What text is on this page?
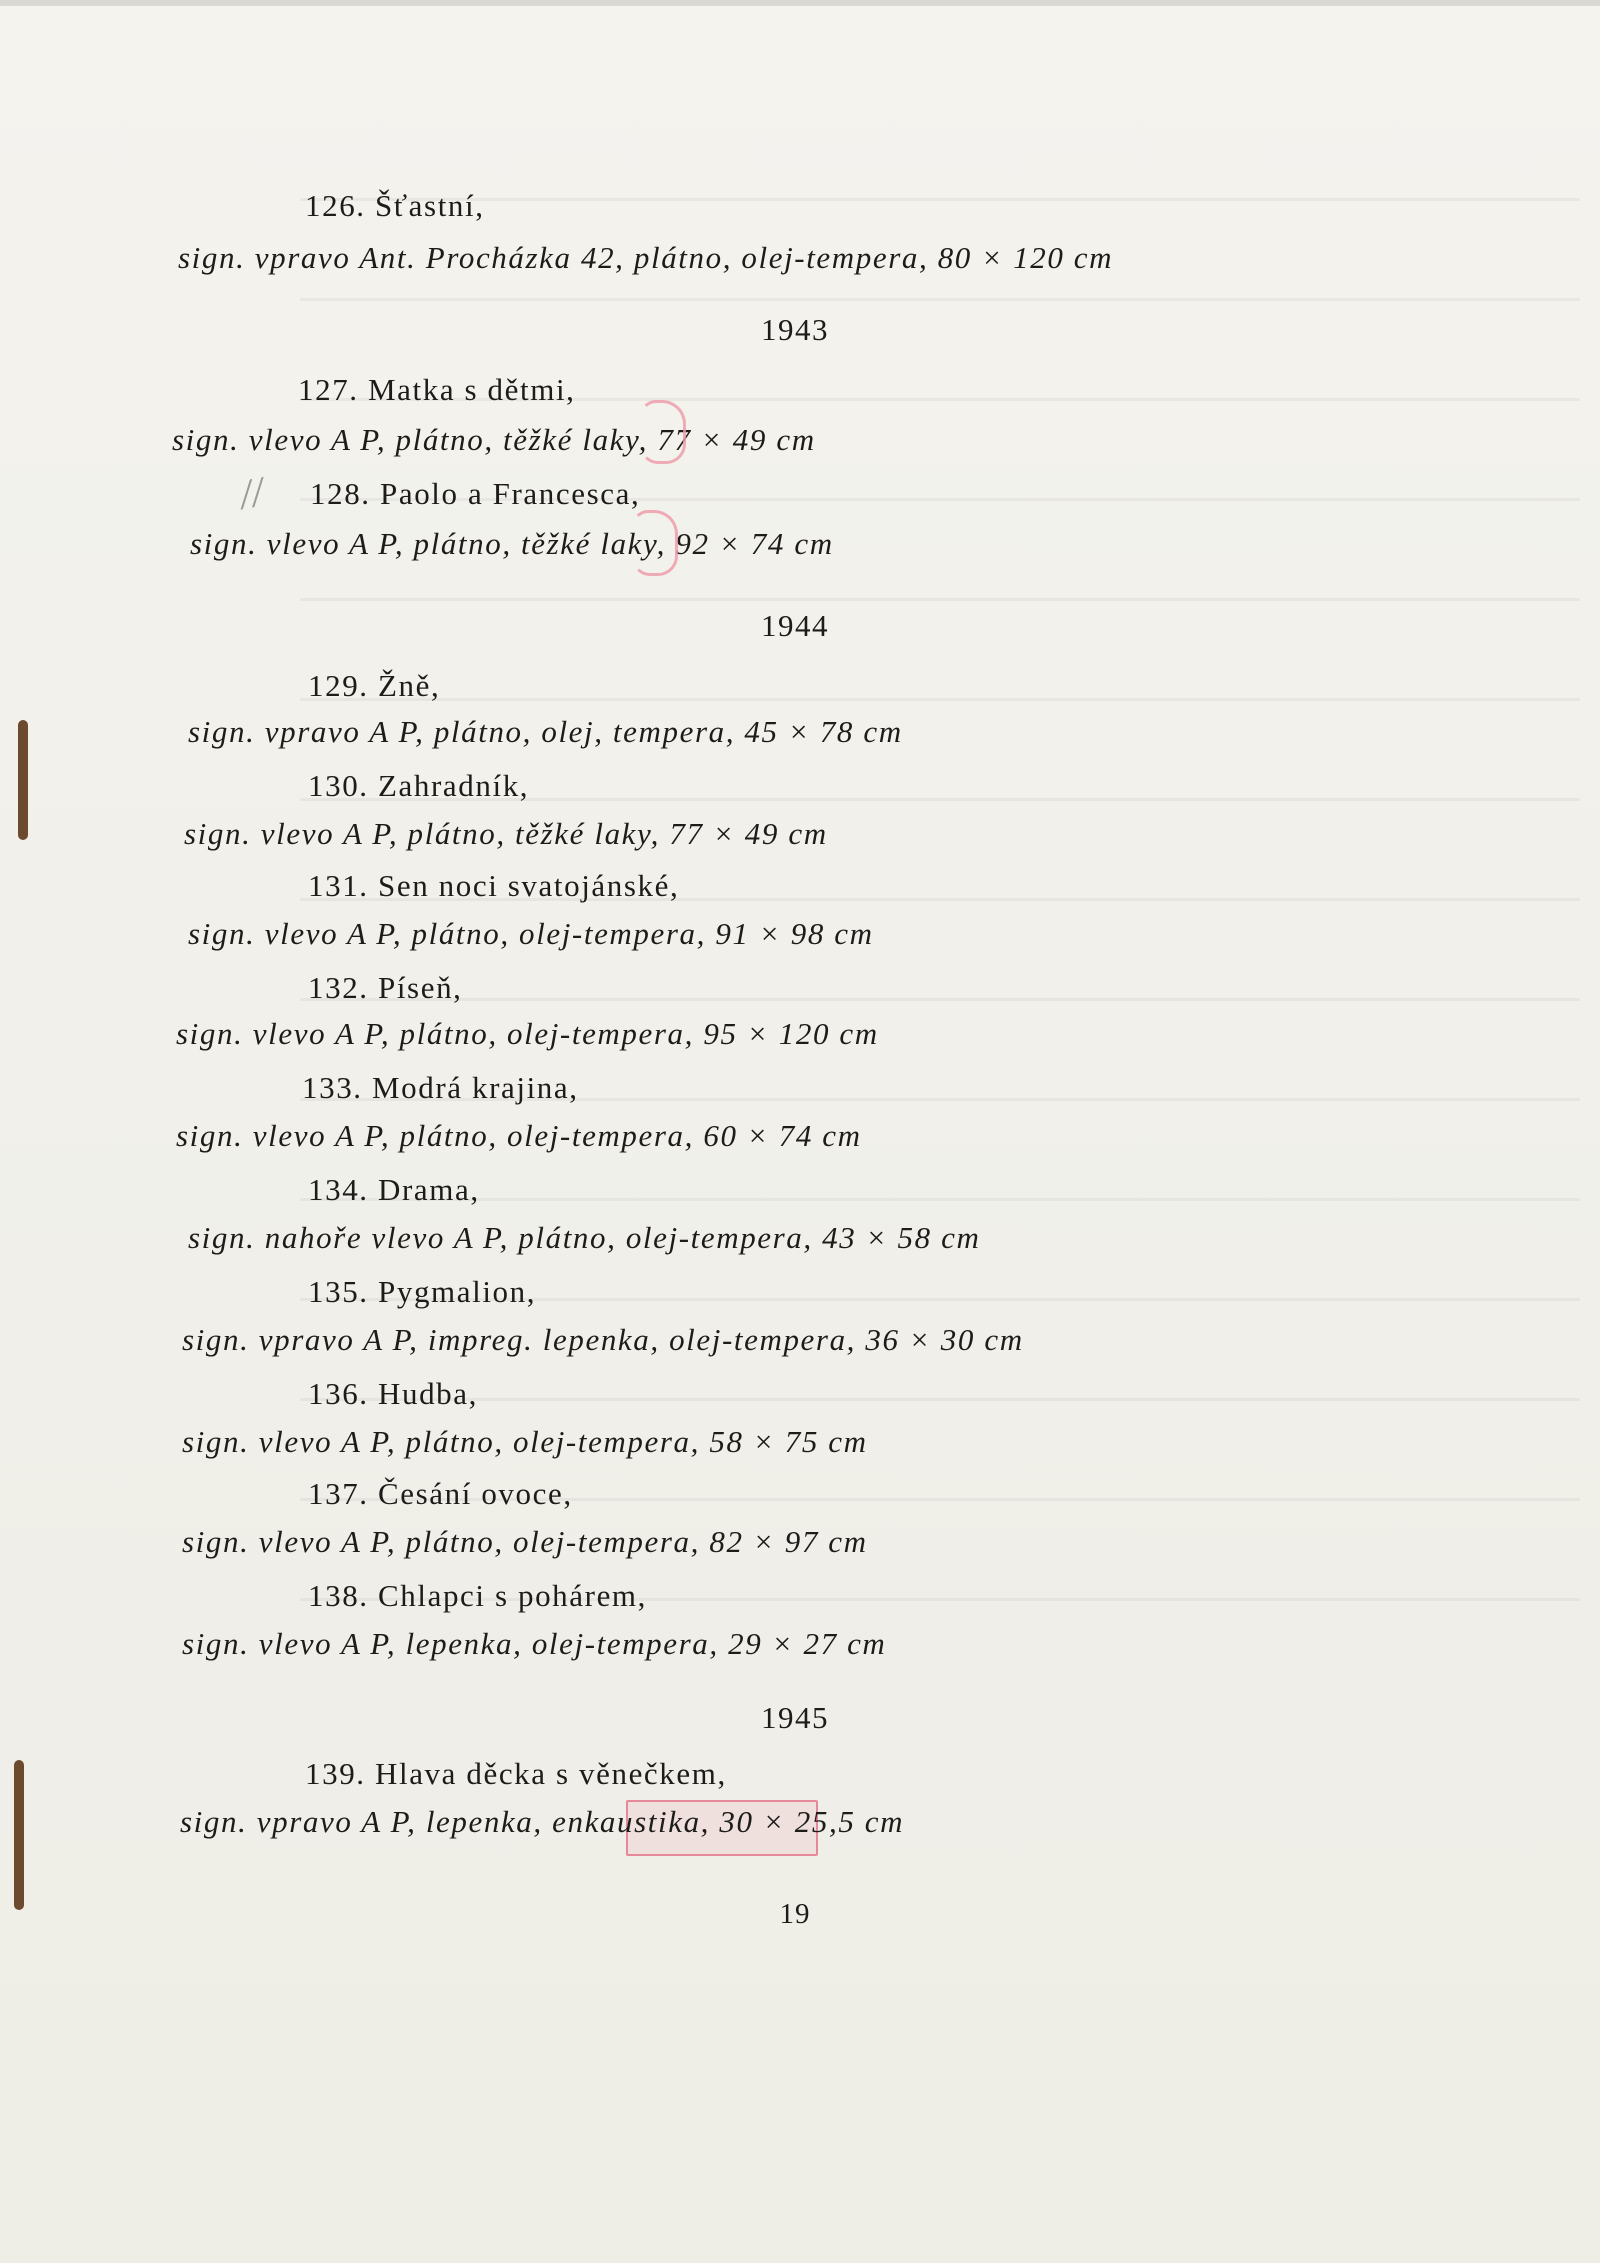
126. Šťastní,
sign. vpravo Ant. Procházka 42, plátno, olej-tempera, 80 × 120 cm
1943
127. Matka s dětmi,
sign. vlevo A P, plátno, těžké laky, 77 × 49 cm
128. Paolo a Francesca,
sign. vlevo A P, plátno, těžké laky, 92 × 74 cm
//
1944
129. Žně,
sign. vpravo A P, plátno, olej, tempera, 45 × 78 cm
130. Zahradník,
sign. vlevo A P, plátno, těžké laky, 77 × 49 cm
131. Sen noci svatojánské,
sign. vlevo A P, plátno, olej-tempera, 91 × 98 cm
132. Píseň,
sign. vlevo A P, plátno, olej-tempera, 95 × 120 cm
133. Modrá krajina,
sign. vlevo A P, plátno, olej-tempera, 60 × 74 cm
134. Drama,
sign. nahoře vlevo A P, plátno, olej-tempera, 43 × 58 cm
135. Pygmalion,
sign. vpravo A P, impreg. lepenka, olej-tempera, 36 × 30 cm
136. Hudba,
sign. vlevo A P, plátno, olej-tempera, 58 × 75 cm
137. Česání ovoce,
sign. vlevo A P, plátno, olej-tempera, 82 × 97 cm
138. Chlapci s pohárem,
sign. vlevo A P, lepenka, olej-tempera, 29 × 27 cm
1945
139. Hlava děcka s věnečkem,
sign. vpravo A P, lepenka, enkaustika, 30 × 25,5 cm
19
